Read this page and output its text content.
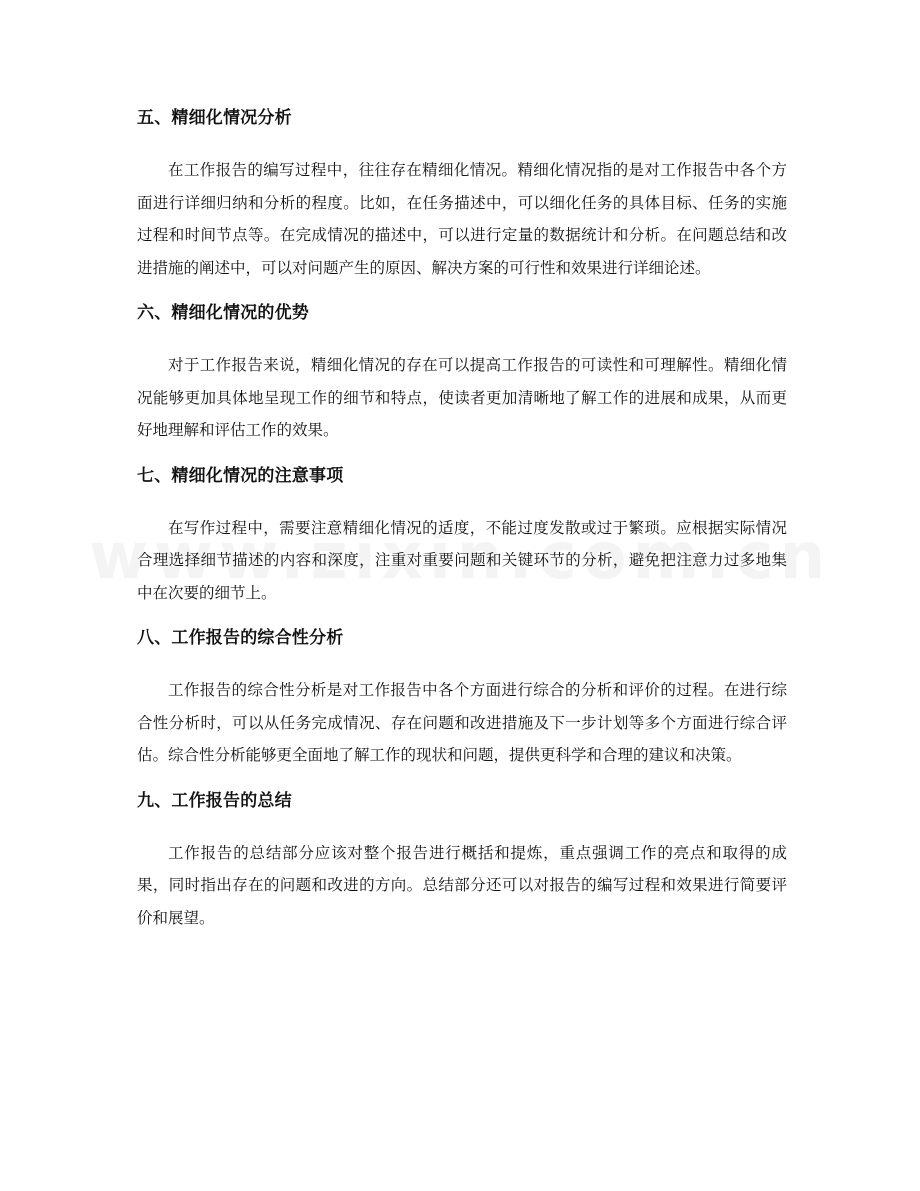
五、精细化情况分析

在工作报告的编写过程中，往往存在精细化情况。精细化情况指的是对工作报告中各个方面进行详细归纳和分析的程度。比如，在任务描述中，可以细化任务的具体目标、任务的实施过程和时间节点等。在完成情况的描述中，可以进行定量的数据统计和分析。在问题总结和改进措施的阐述中，可以对问题产生的原因、解决方案的可行性和效果进行详细论述。

六、精细化情况的优势

对于工作报告来说，精细化情况的存在可以提高工作报告的可读性和可理解性。精细化情况能够更加具体地呈现工作的细节和特点，使读者更加清晰地了解工作的进展和成果，从而更好地理解和评估工作的效果。

七、精细化情况的注意事项

在写作过程中，需要注意精细化情况的适度，不能过度发散或过于繁琐。应根据实际情况合理选择细节描述的内容和深度，注重对重要问题和关键环节的分析，避免把注意力过多地集中在次要的细节上。

八、工作报告的综合性分析

工作报告的综合性分析是对工作报告中各个方面进行综合的分析和评价的过程。在进行综合性分析时，可以从任务完成情况、存在问题和改进措施及下一步计划等多个方面进行综合评估。综合性分析能够更全面地了解工作的现状和问题，提供更科学和合理的建议和决策。

九、工作报告的总结

工作报告的总结部分应该对整个报告进行概括和提炼，重点强调工作的亮点和取得的成果，同时指出存在的问题和改进的方向。总结部分还可以对报告的编写过程和效果进行简要评价和展望。
